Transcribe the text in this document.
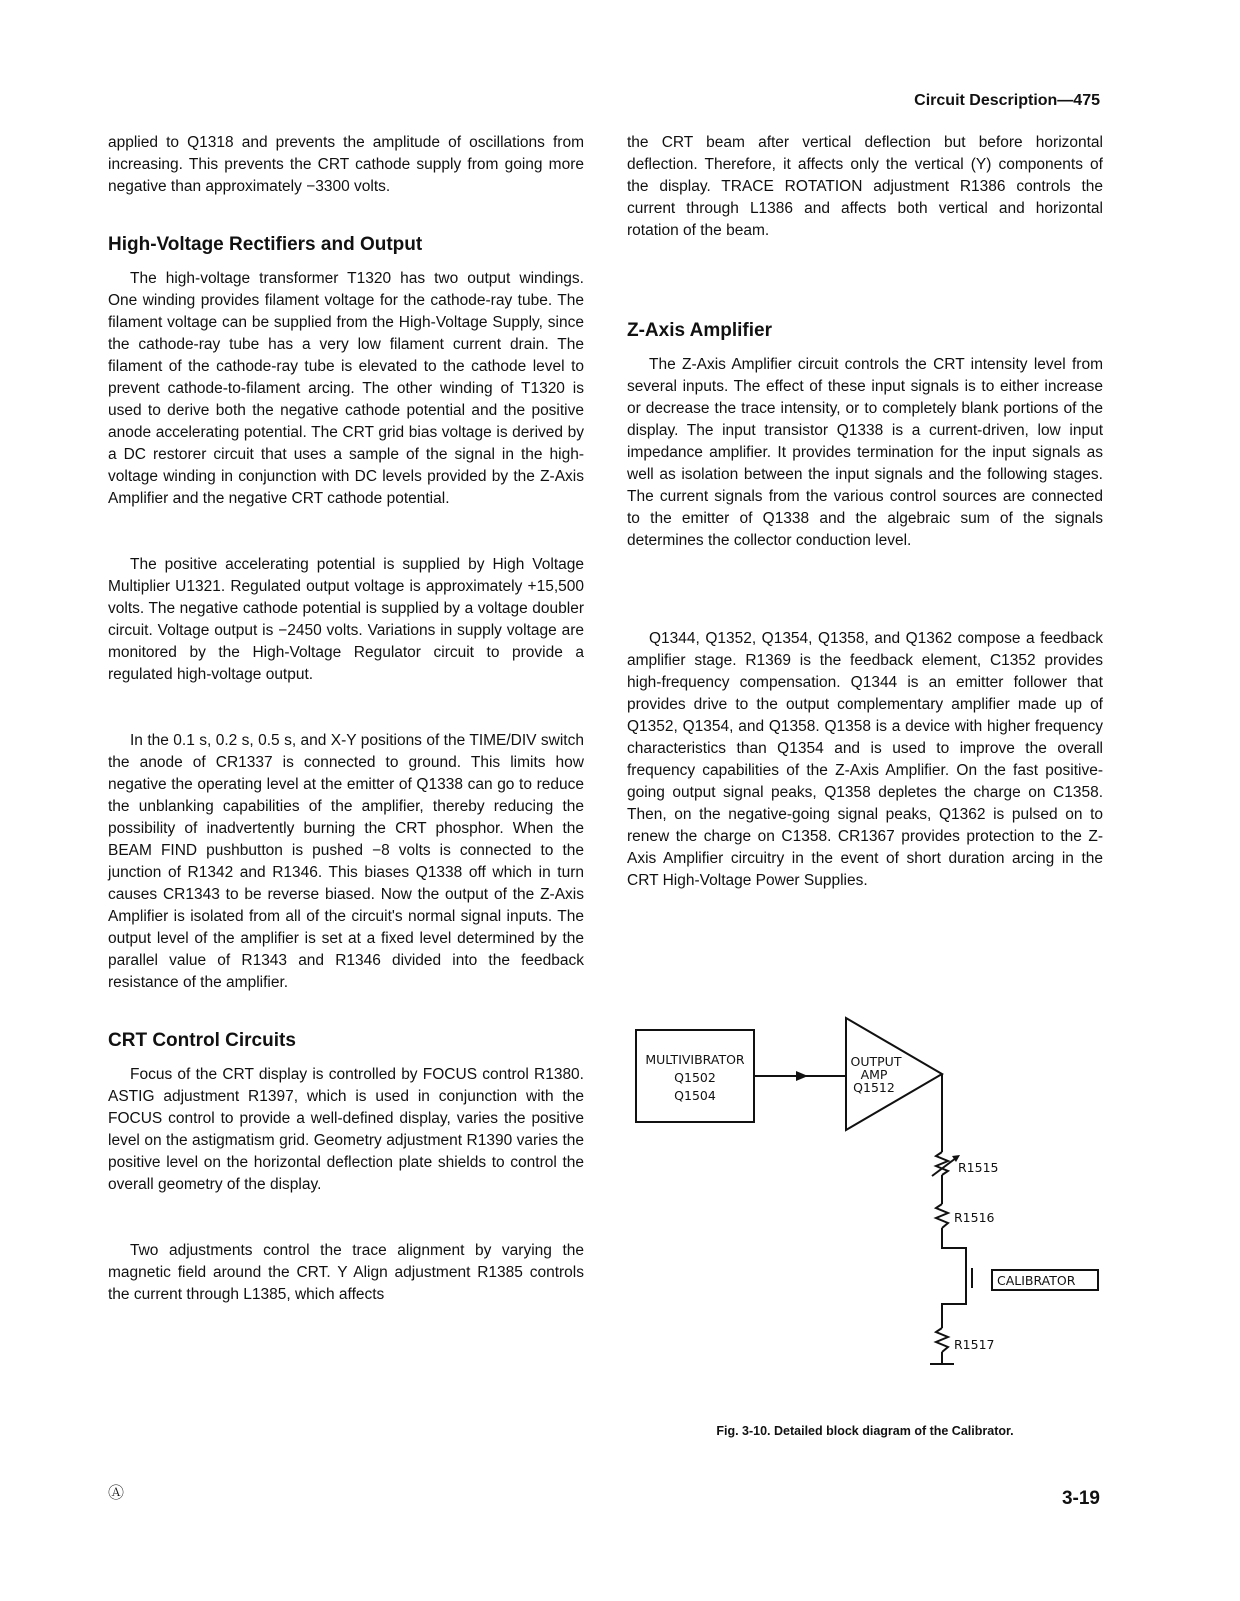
Circuit Description—475

applied to Q1318 and prevents the amplitude of oscillations from increasing. This prevents the CRT cathode supply from going more negative than approximately −3300 volts.

High-Voltage Rectifiers and Output

The high-voltage transformer T1320 has two output windings. One winding provides filament voltage for the cathode-ray tube. The filament voltage can be supplied from the High-Voltage Supply, since the cathode-ray tube has a very low filament current drain. The filament of the cathode-ray tube is elevated to the cathode level to prevent cathode-to-filament arcing. The other winding of T1320 is used to derive both the negative cathode potential and the positive anode accelerating potential. The CRT grid bias voltage is derived by a DC restorer circuit that uses a sample of the signal in the high-voltage winding in conjunction with DC levels provided by the Z-Axis Amplifier and the negative CRT cathode potential.

The positive accelerating potential is supplied by High Voltage Multiplier U1321. Regulated output voltage is approximately +15,500 volts. The negative cathode potential is supplied by a voltage doubler circuit. Voltage output is −2450 volts. Variations in supply voltage are monitored by the High-Voltage Regulator circuit to provide a regulated high-voltage output.

In the 0.1 s, 0.2 s, 0.5 s, and X-Y positions of the TIME/DIV switch the anode of CR1337 is connected to ground. This limits how negative the operating level at the emitter of Q1338 can go to reduce the unblanking capabilities of the amplifier, thereby reducing the possibility of inadvertently burning the CRT phosphor. When the BEAM FIND pushbutton is pushed −8 volts is connected to the junction of R1342 and R1346. This biases Q1338 off which in turn causes CR1343 to be reverse biased. Now the output of the Z-Axis Amplifier is isolated from all of the circuit's normal signal inputs. The output level of the amplifier is set at a fixed level determined by the parallel value of R1343 and R1346 divided into the feedback resistance of the amplifier.

CRT Control Circuits

Focus of the CRT display is controlled by FOCUS control R1380. ASTIG adjustment R1397, which is used in conjunction with the FOCUS control to provide a well-defined display, varies the positive level on the astigmatism grid. Geometry adjustment R1390 varies the positive level on the horizontal deflection plate shields to control the overall geometry of the display.

Two adjustments control the trace alignment by varying the magnetic field around the CRT. Y Align adjustment R1385 controls the current through L1385, which affects

the CRT beam after vertical deflection but before horizontal deflection. Therefore, it affects only the vertical (Y) components of the display. TRACE ROTATION adjustment R1386 controls the current through L1386 and affects both vertical and horizontal rotation of the beam.

Z-Axis Amplifier

The Z-Axis Amplifier circuit controls the CRT intensity level from several inputs. The effect of these input signals is to either increase or decrease the trace intensity, or to completely blank portions of the display. The input transistor Q1338 is a current-driven, low input impedance amplifier. It provides termination for the input signals as well as isolation between the input signals and the following stages. The current signals from the various control sources are connected to the emitter of Q1338 and the algebraic sum of the signals determines the collector conduction level.

Q1344, Q1352, Q1354, Q1358, and Q1362 compose a feedback amplifier stage. R1369 is the feedback element, C1352 provides high-frequency compensation. Q1344 is an emitter follower that provides drive to the output complementary amplifier made up of Q1352, Q1354, and Q1358. Q1358 is a device with higher frequency characteristics than Q1354 and is used to improve the overall frequency capabilities of the Z-Axis Amplifier. On the fast positive-going output signal peaks, Q1358 depletes the charge on C1358. Then, on the negative-going signal peaks, Q1362 is pulsed on to renew the charge on C1358. CR1367 provides protection to the Z-Axis Amplifier circuitry in the event of short duration arcing in the CRT High-Voltage Power Supplies.

MULTIVIBRATOR
Q1502
Q1504
OUTPUT
AMP
Q1512
R1515
R1516
R1517
CALIBRATOR
Fig. 3-10. Detailed block diagram of the Calibrator.
Ⓐ	3-19
